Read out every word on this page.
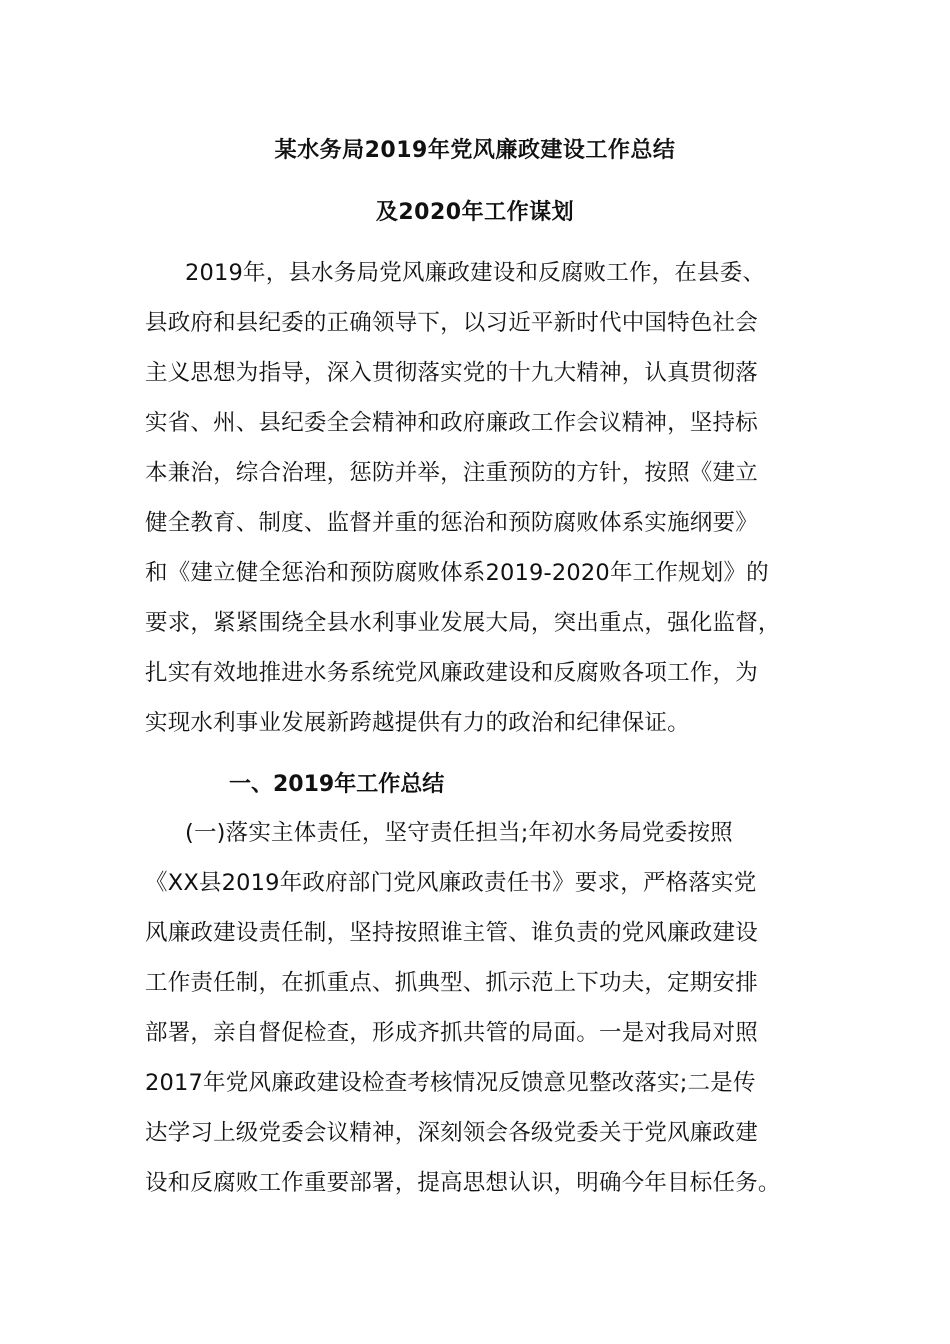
某水务局2019年党风廉政建设工作总结
及2020年工作谋划
2019年，县水务局党风廉政建设和反腐败工作，在县委、
县政府和县纪委的正确领导下，以习近平新时代中国特色社会
主义思想为指导，深入贯彻落实党的十九大精神，认真贯彻落
实省、州、县纪委全会精神和政府廉政工作会议精神，坚持标
本兼治，综合治理，惩防并举，注重预防的方针，按照《建立
健全教育、制度、监督并重的惩治和预防腐败体系实施纲要》
和《建立健全惩治和预防腐败体系2019-2020年工作规划》的
要求，紧紧围绕全县水利事业发展大局，突出重点，强化监督，
扎实有效地推进水务系统党风廉政建设和反腐败各项工作，为
实现水利事业发展新跨越提供有力的政治和纪律保证。
一、2019年工作总结
(一)落实主体责任，坚守责任担当;年初水务局党委按照
《XX县2019年政府部门党风廉政责任书》要求，严格落实党
风廉政建设责任制，坚持按照谁主管、谁负责的党风廉政建设
工作责任制，在抓重点、抓典型、抓示范上下功夫，定期安排
部署，亲自督促检查，形成齐抓共管的局面。一是对我局对照
2017年党风廉政建设检查考核情况反馈意见整改落实;二是传
达学习上级党委会议精神，深刻领会各级党委关于党风廉政建
设和反腐败工作重要部署，提高思想认识，明确今年目标任务。
